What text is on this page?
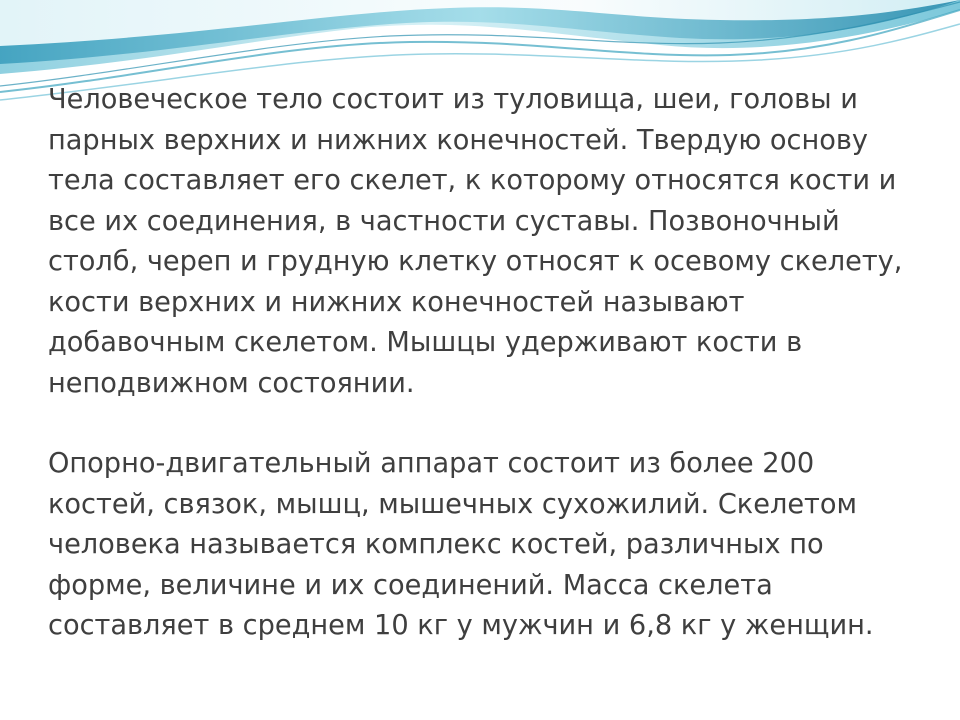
Человеческое тело состоит из туловища, шеи, головы и
парных верхних и нижних конечностей. Твердую основу
тела составляет его скелет, к которому относятся кости и
все их соединения, в частности суставы. Позвоночный
столб, череп и грудную клетку относят к осевому скелету,
кости верхних и нижних конечностей называют
добавочным скелетом. Мышцы удерживают кости в
неподвижном состоянии.

Опорно-двигательный аппарат состоит из более 200
костей, связок, мышц, мышечных сухожилий. Скелетом
человека называется комплекс костей, различных по
форме, величине и их соединений. Масса скелета
составляет в среднем 10 кг у мужчин и 6,8 кг у женщин.
